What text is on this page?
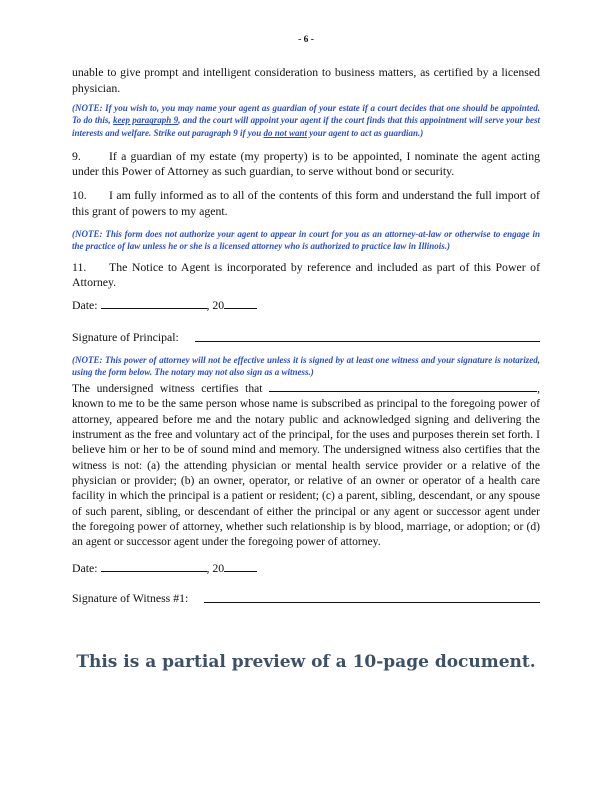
- 6 -

unable to give prompt and intelligent consideration to business matters, as certified by a licensed physician.

(NOTE: If you wish to, you may name your agent as guardian of your estate if a court decides that one should be appointed. To do this, keep paragraph 9, and the court will appoint your agent if the court finds that this appointment will serve your best interests and welfare. Strike out paragraph 9 if you do not want your agent to act as guardian.)

9. If a guardian of my estate (my property) is to be appointed, I nominate the agent acting under this Power of Attorney as such guardian, to serve without bond or security.

10. I am fully informed as to all of the contents of this form and understand the full import of this grant of powers to my agent.

(NOTE: This form does not authorize your agent to appear in court for you as an attorney-at-law or otherwise to engage in the practice of law unless he or she is a licensed attorney who is authorized to practice law in Illinois.)

11. The Notice to Agent is incorporated by reference and included as part of this Power of Attorney.

Date:	, 20

Signature of Principal:

(NOTE: This power of attorney will not be effective unless it is signed by at least one witness and your signature is notarized, using the form below. The notary may not also sign as a witness.)

The undersigned witness certifies that	, known to me to be the same person whose name is subscribed as principal to the foregoing power of attorney, appeared before me and the notary public and acknowledged signing and delivering the instrument as the free and voluntary act of the principal, for the uses and purposes therein set forth. I believe him or her to be of sound mind and memory. The undersigned witness also certifies that the witness is not: (a) the attending physician or mental health service provider or a relative of the physician or provider; (b) an owner, operator, or relative of an owner or operator of a health care facility in which the principal is a patient or resident; (c) a parent, sibling, descendant, or any spouse of such parent, sibling, or descendant of either the principal or any agent or successor agent under the foregoing power of attorney, whether such relationship is by blood, marriage, or adoption; or (d) an agent or successor agent under the foregoing power of attorney.

Date:	, 20

Signature of Witness #1:
This is a partial preview of a 10-page document.
